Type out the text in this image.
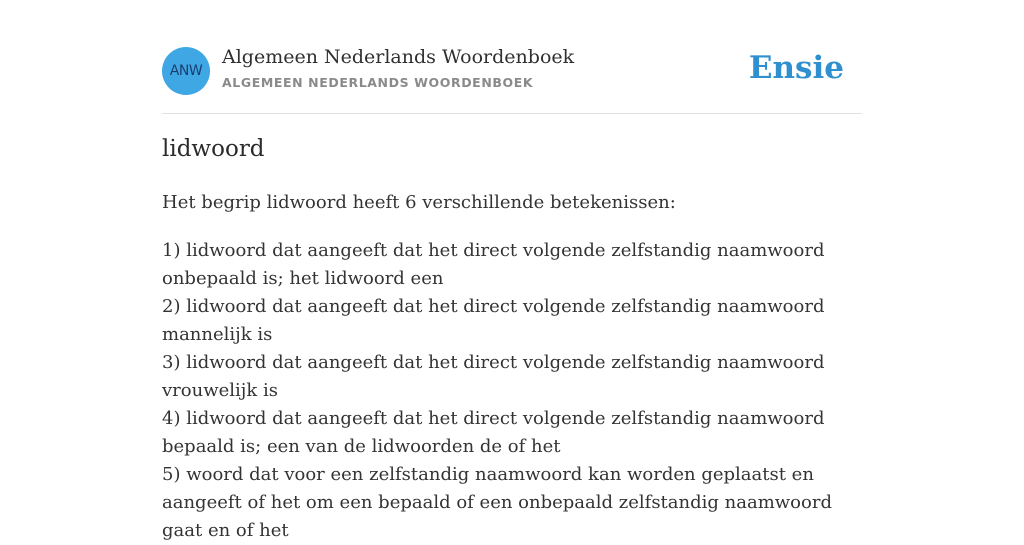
ANW
Algemeen Nederlands Woordenboek
ALGEMEEN NEDERLANDS WOORDENBOEK	Ensie
lidwoord

Het begrip lidwoord heeft 6 verschillende betekenissen:

1) lidwoord dat aangeeft dat het direct volgende zelfstandig naamwoord onbepaald is; het lidwoord een
2) lidwoord dat aangeeft dat het direct volgende zelfstandig naamwoord mannelijk is
3) lidwoord dat aangeeft dat het direct volgende zelfstandig naamwoord vrouwelijk is
4) lidwoord dat aangeeft dat het direct volgende zelfstandig naamwoord bepaald is; een van de lidwoorden de of het
5) woord dat voor een zelfstandig naamwoord kan worden geplaatst en aangeeft of het om een bepaald of een onbepaald zelfstandig naamwoord gaat en of het
